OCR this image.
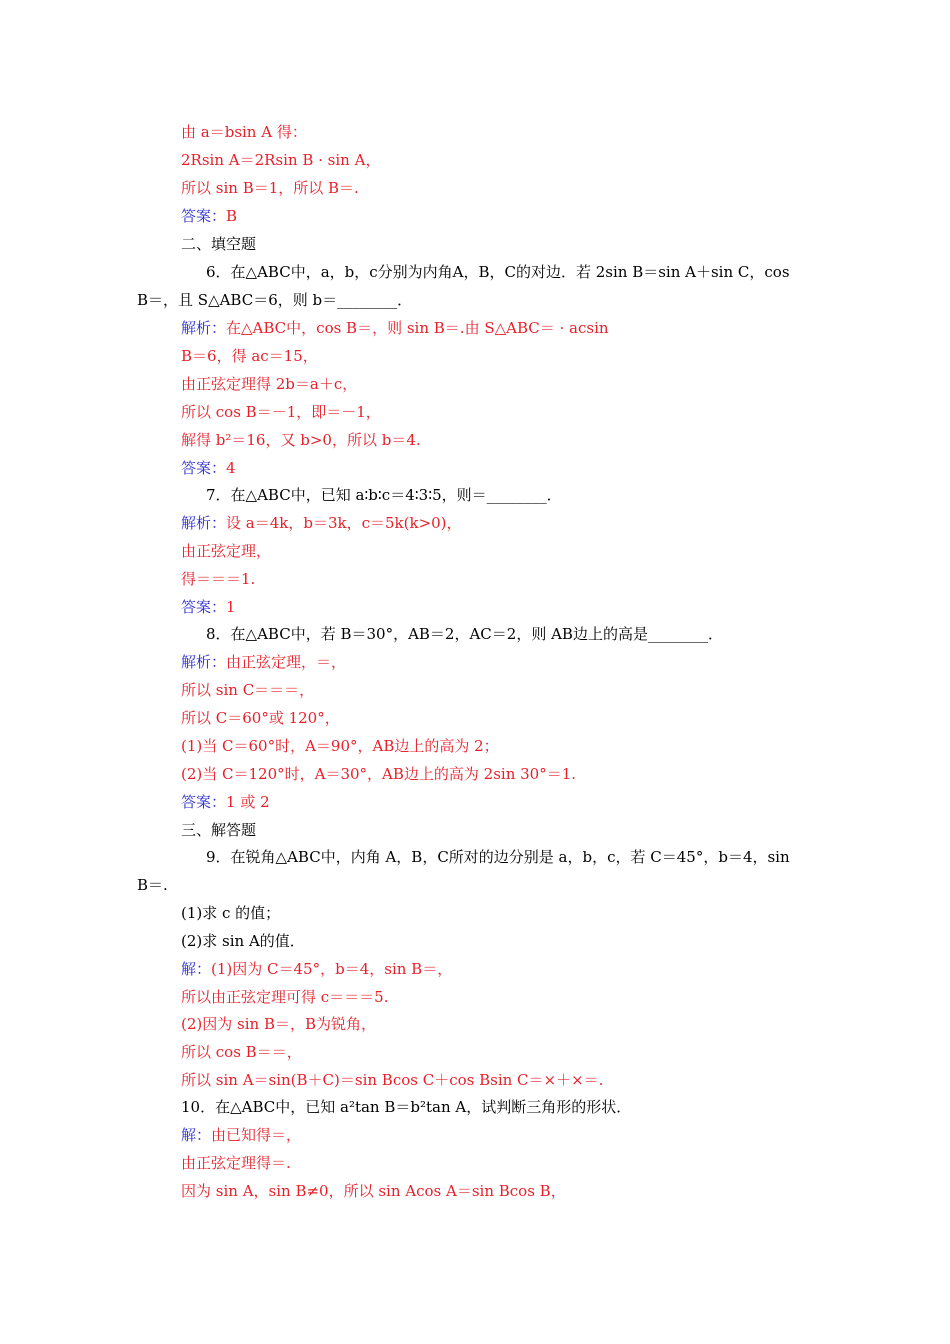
由 a＝bsin A 得：
2Rsin A＝2Rsin B · sin A，
所以 sin B＝1，所以 B＝.
答案：B
二、填空题
6．在△ABC中，a，b，c分别为内角A，B，C的对边．若 2sin B＝sin A＋sin C，cos
B＝，且 S△ABC＝6，则 b＝________．
解析：在△ABC中，cos B＝，则 sin B＝.由 S△ABC＝ · acsin
B＝6，得 ac＝15，
由正弦定理得 2b＝a＋c，
所以 cos B＝－1，即＝－1，
解得 b²＝16，又 b>0，所以 b＝4.
答案：4
7．在△ABC中，已知 a∶b∶c＝4∶3∶5，则＝________．
解析：设 a＝4k，b＝3k，c＝5k(k>0)，
由正弦定理，
得＝＝＝1.
答案：1
8．在△ABC中，若 B＝30°，AB＝2，AC＝2，则 AB边上的高是________．
解析：由正弦定理，＝，
所以 sin C＝＝＝，
所以 C＝60°或 120°，
(1)当 C＝60°时，A＝90°，AB边上的高为 2；
(2)当 C＝120°时，A＝30°，AB边上的高为 2sin 30°＝1.
答案：1 或 2
三、解答题
9．在锐角△ABC中，内角 A，B，C所对的边分别是 a，b，c，若 C＝45°，b＝4，sin
B＝.
(1)求 c 的值；
(2)求 sin A的值．
解：(1)因为 C＝45°，b＝4，sin B＝，
所以由正弦定理可得 c＝＝＝5.
(2)因为 sin B＝，B为锐角，
所以 cos B＝＝，
所以 sin A＝sin(B＋C)＝sin Bcos C＋cos Bsin C＝×＋×＝.
10．在△ABC中，已知 a²tan B＝b²tan A，试判断三角形的形状．
解：由已知得＝，
由正弦定理得＝.
因为 sin A，sin B≠0，所以 sin Acos A＝sin Bcos B，
